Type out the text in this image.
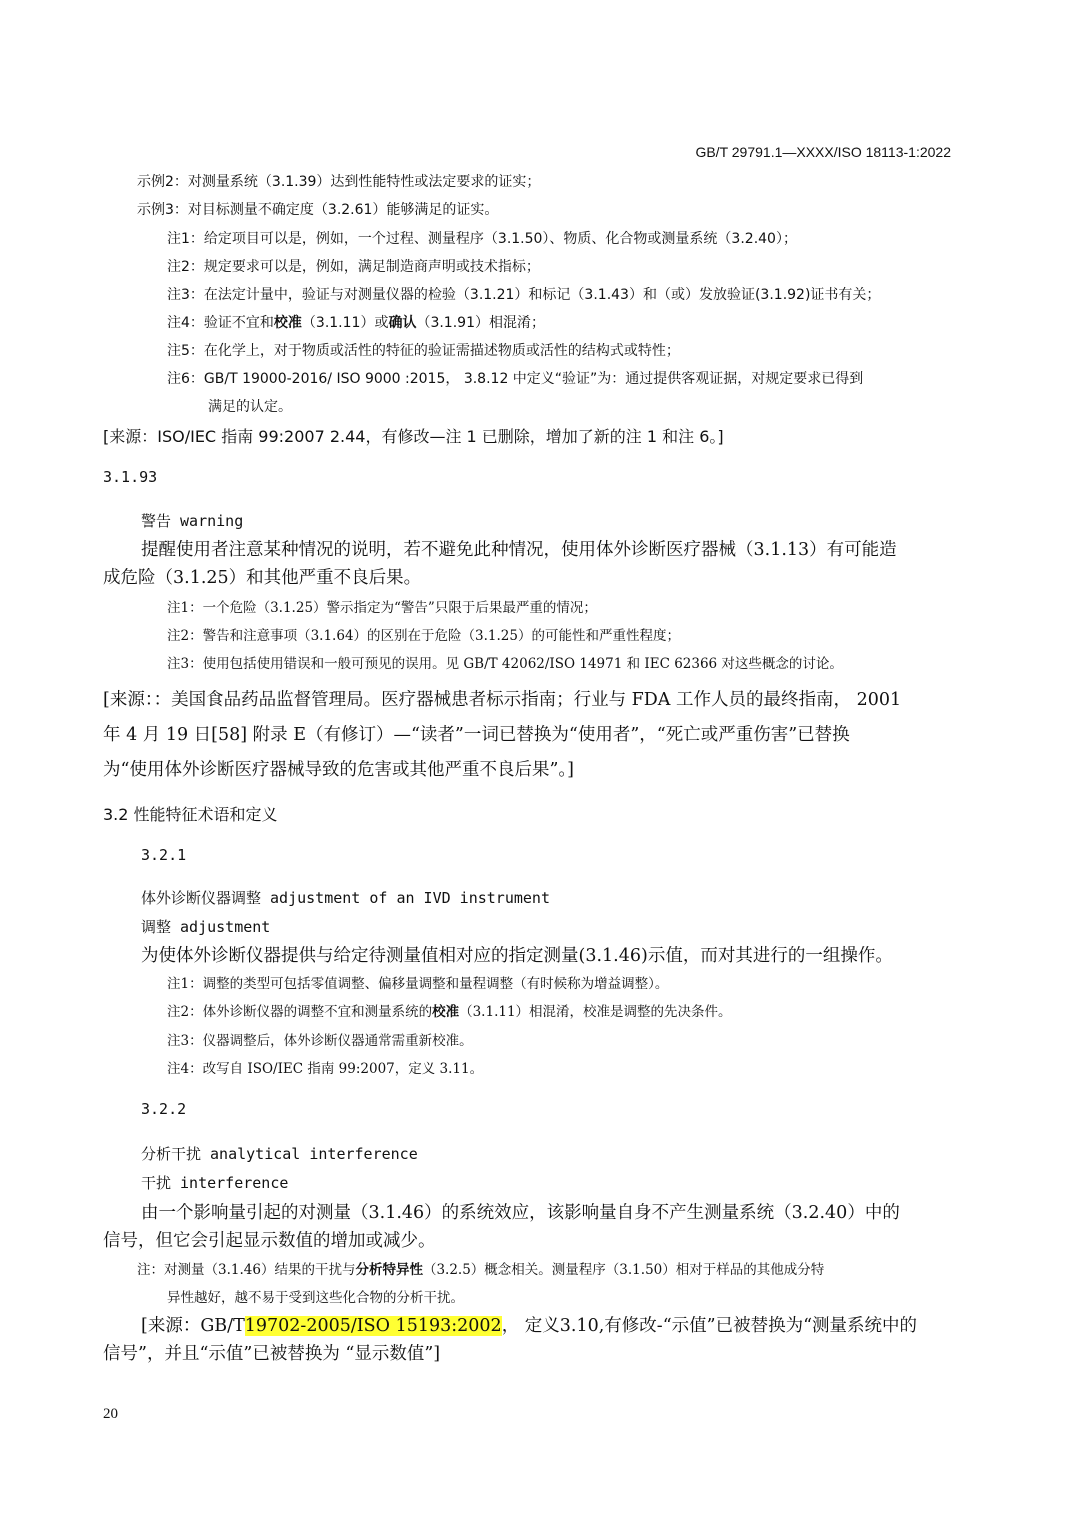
GB/T 29791.1—XXXX/ISO 18113-1:2022
示例2：对测量系统（3.1.39）达到性能特性或法定要求的证实；
示例3：对目标测量不确定度（3.2.61）能够满足的证实。
注1：给定项目可以是，例如，一个过程、测量程序（3.1.50）、物质、化合物或测量系统（3.2.40）；
注2：规定要求可以是，例如，满足制造商声明或技术指标；
注3：在法定计量中，验证与对测量仪器的检验（3.1.21）和标记（3.1.43）和（或）发放验证(3.1.92)证书有关；
注4：验证不宜和校准（3.1.11）或确认（3.1.91）相混淆；
注5：在化学上，对于物质或活性的特征的验证需描述物质或活性的结构式或特性；
注6：GB/T 19000-2016/ ISO 9000 :2015， 3.8.12 中定义“验证”为：通过提供客观证据，对规定要求已得到
满足的认定。
[来源：ISO/IEC 指南 99:2007 2.44，有修改—注 1 已删除，增加了新的注 1 和注 6。]
3.1.93
警告 warning
提醒使用者注意某种情况的说明，若不避免此种情况，使用体外诊断医疗器械（3.1.13）有可能造
成危险（3.1.25）和其他严重不良后果。
注1：一个危险（3.1.25）警示指定为“警告”只限于后果最严重的情况；
注2：警告和注意事项（3.1.64）的区别在于危险（3.1.25）的可能性和严重性程度；
注3：使用包括使用错误和一般可预见的误用。见 GB/T 42062/ISO 14971 和 IEC 62366 对这些概念的讨论。
[来源：：美国食品药品监督管理局。医疗器械患者标示指南；行业与 FDA 工作人员的最终指南， 2001
年 4 月 19 日[58] 附录 E（有修订）—“读者”一词已替换为“使用者”，“死亡或严重伤害”已替换
为“使用体外诊断医疗器械导致的危害或其他严重不良后果”。]
3.2 性能特征术语和定义
3.2.1
体外诊断仪器调整 adjustment of an IVD instrument
调整 adjustment
为使体外诊断仪器提供与给定待测量值相对应的指定测量(3.1.46)示值，而对其进行的一组操作。
注1：调整的类型可包括零值调整、偏移量调整和量程调整（有时候称为增益调整）。
注2：体外诊断仪器的调整不宜和测量系统的校准（3.1.11）相混淆，校准是调整的先决条件。
注3：仪器调整后，体外诊断仪器通常需重新校准。
注4：改写自 ISO/IEC 指南 99:2007，定义 3.11。
3.2.2
分析干扰 analytical interference
干扰 interference
由一个影响量引起的对测量（3.1.46）的系统效应，该影响量自身不产生测量系统（3.2.40）中的
信号，但它会引起显示数值的增加或减少。
注：对测量（3.1.46）结果的干扰与分析特异性（3.2.5）概念相关。测量程序（3.1.50）相对于样品的其他成分特
异性越好，越不易于受到这些化合物的分析干扰。
[来源：GB/T19702-2005/ISO 15193:2002， 定义3.10,有修改-“示值”已被替换为“测量系统中的
信号”，并且“示值”已被替换为 “显示数值”]
20
